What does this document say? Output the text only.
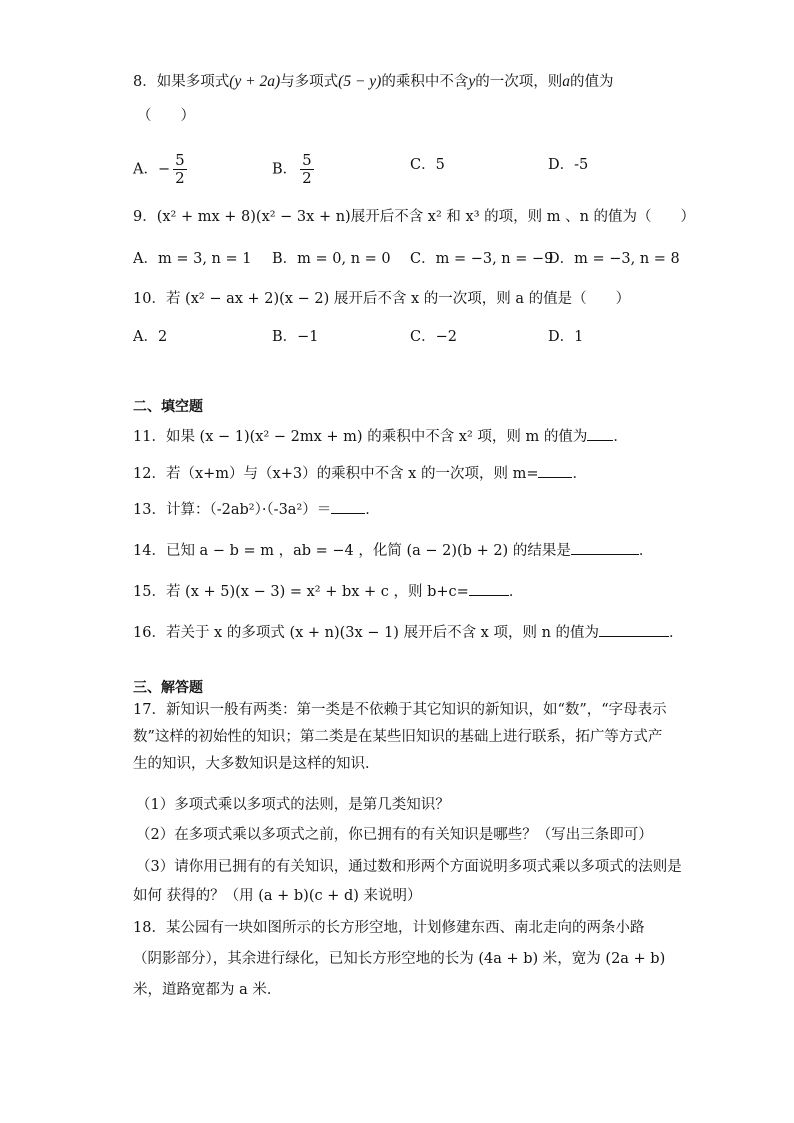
8．如果多项式(y + 2a)与多项式(5 − y)的乘积中不含y的一次项，则a的值为
（　　）
A．− $\frac{5}{2}$	B． $\frac{5}{2}$	C．5	D．-5
9．(x² + mx + 8)(x² − 3x + n)展开后不含 x² 和 x³ 的项，则 m 、n 的值为（　　）
A．m = 3, n = 1 B．m = 0, n = 0 C．m = −3, n = −9
D．m = −3, n = 8
10．若 (x² − ax + 2)(x − 2) 展开后不含 x 的一次项，则 a 的值是（　　）
A．2	B．−1	C．−2	D．1
二、填空题
11．如果 (x − 1)(x² − 2mx + m) 的乘积中不含 x² 项，则 m 的值为 ．
12．若（x+m）与（x+3）的乘积中不含 x 的一次项，则 m= ．
13．计算：（-2ab²）·（-3a²）＝ ．
14．已知 a − b = m ，ab = −4 ，化简 (a − 2)(b + 2) 的结果是	．
15．若 (x + 5)(x − 3) = x² + bx + c ，则 b+c=	．
16．若关于 x 的多项式 (x + n)(3x − 1) 展开后不含 x 项，则 n 的值为	．
三、解答题
17．新知识一般有两类：第一类是不依赖于其它知识的新知识，如“数”，“字母表示数”这样的初始性的知识；第二类是在某些旧知识的基础上进行联系，拓广等方式产生的知识，大多数知识是这样的知识．
（1）多项式乘以多项式的法则，是第几类知识？
（2）在多项式乘以多项式之前，你已拥有的有关知识是哪些？（写出三条即可）
（3）请你用已拥有的有关知识，通过数和形两个方面说明多项式乘以多项式的法则是
如何 获得的？（用 (a + b)(c + d) 来说明）
18．某公园有一块如图所示的长方形空地，计划修建东西、南北走向的两条小路（阴影部分），其余进行绿化，已知长方形空地的长为 (4a + b) 米，宽为 (2a + b) 米，道路宽都为 a 米．
